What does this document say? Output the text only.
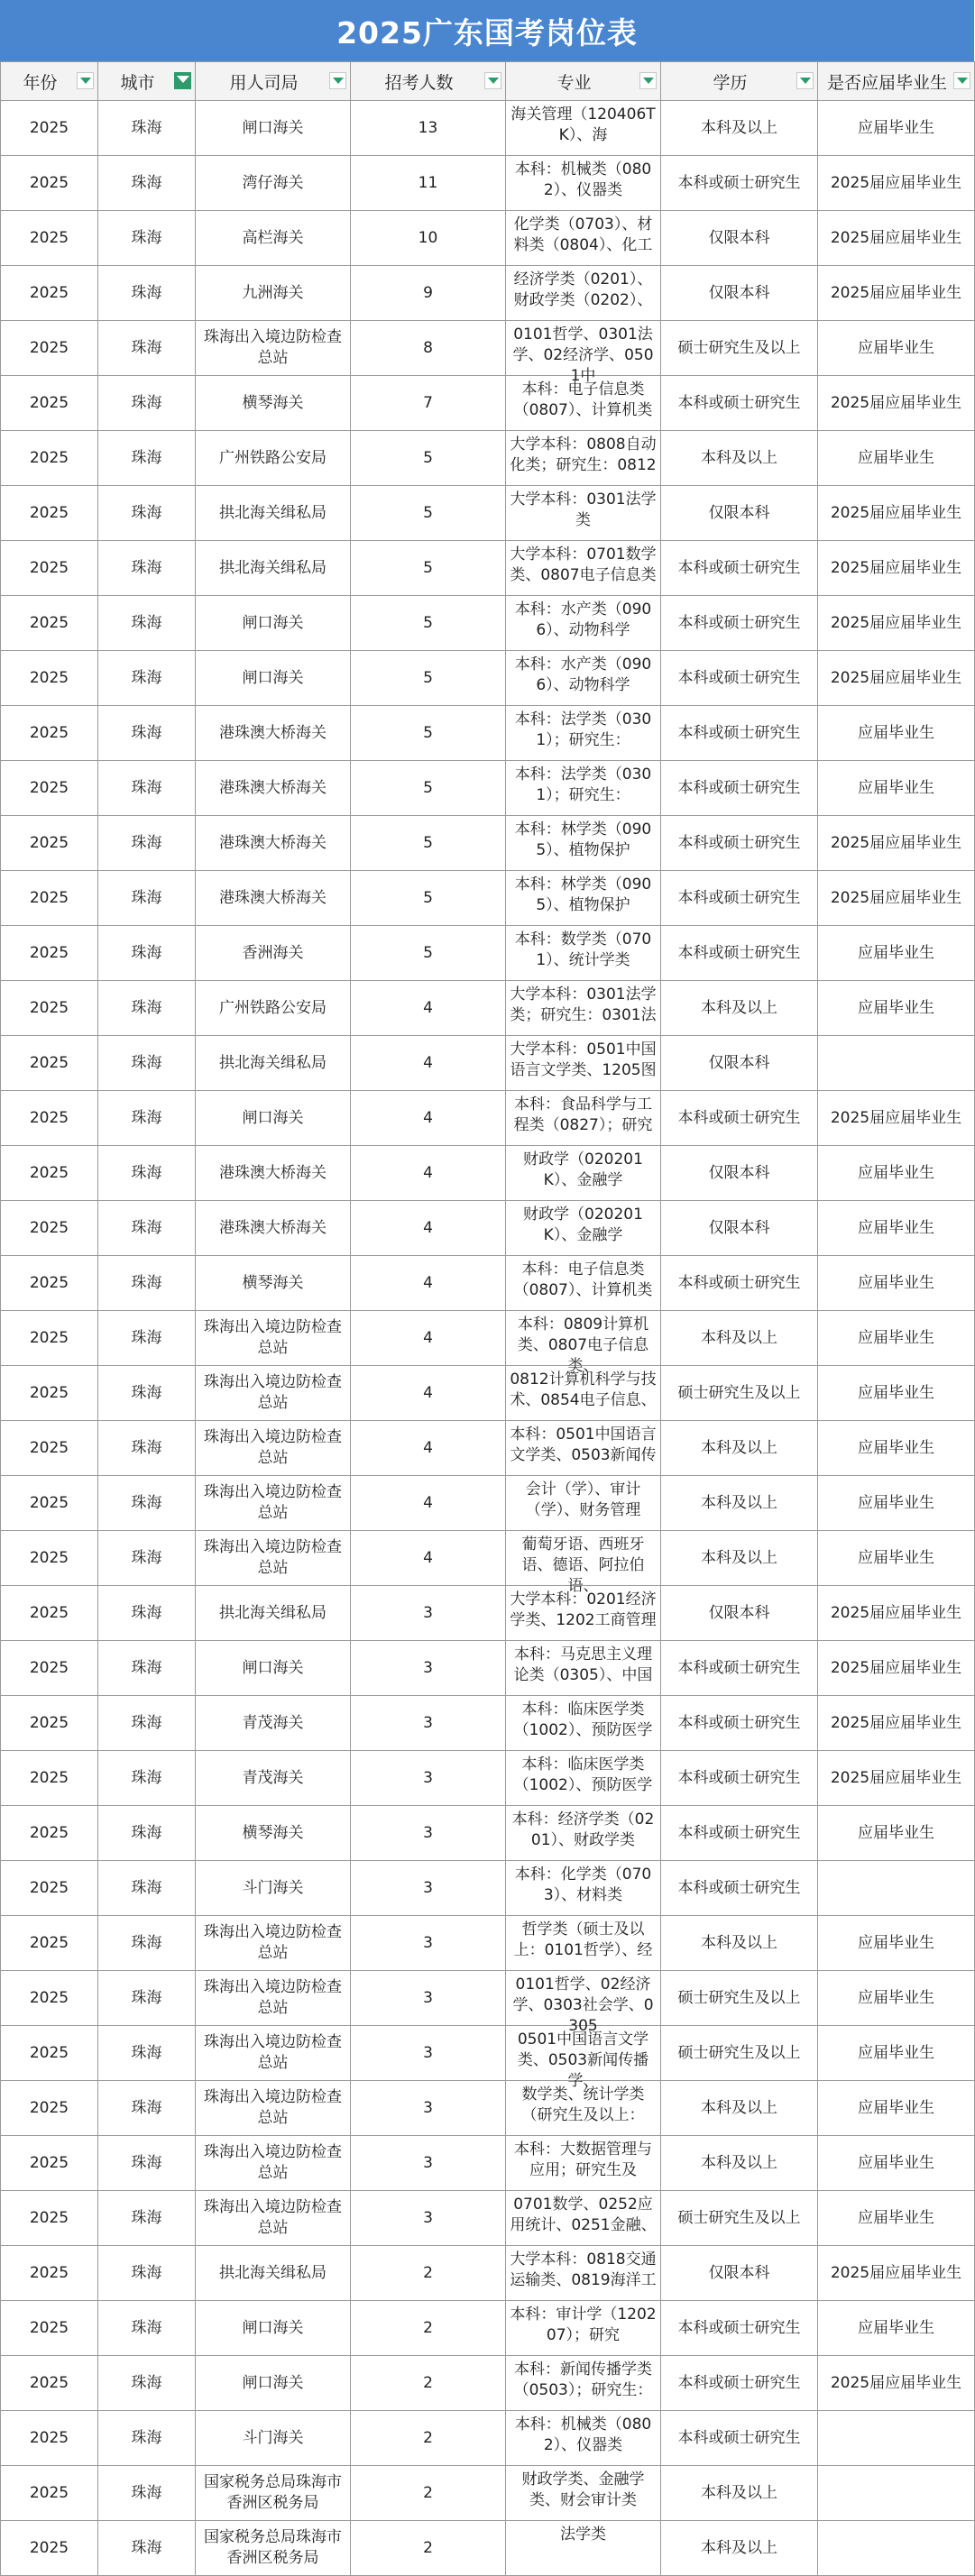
2025广东国考岗位表
年份	城市	用人司局	招考人数	专业	学历	是否应届毕业生

2025	珠海	闸口海关	13	海关管理（120406TK）、海	本科及以上	应届毕业生
2025	珠海	湾仔海关	11	本科：机械类（0802）、仪器类	本科或硕士研究生	2025届应届毕业生
2025	珠海	高栏海关	10	化学类（0703）、材料类（0804）、化工	仅限本科	2025届应届毕业生
2025	珠海	九洲海关	9	经济学类（0201）、财政学类（0202）、	仅限本科	2025届应届毕业生
2025	珠海	珠海出入境边防检查总站	8	0101哲学、0301法学、02经济学、0501中	硕士研究生及以上	应届毕业生
2025	珠海	横琴海关	7	本科：电子信息类（0807）、计算机类	本科或硕士研究生	2025届应届毕业生
2025	珠海	广州铁路公安局	5	大学本科：0808自动化类；研究生：0812	本科及以上	应届毕业生
2025	珠海	拱北海关缉私局	5	大学本科：0301法学类	仅限本科	2025届应届毕业生
2025	珠海	拱北海关缉私局	5	大学本科：0701数学类、0807电子信息类	本科或硕士研究生	2025届应届毕业生
2025	珠海	闸口海关	5	本科：水产类（0906）、动物科学	本科或硕士研究生	2025届应届毕业生
2025	珠海	闸口海关	5	本科：水产类（0906）、动物科学	本科或硕士研究生	2025届应届毕业生
2025	珠海	港珠澳大桥海关	5	本科：法学类（0301）；研究生：	本科或硕士研究生	应届毕业生
2025	珠海	港珠澳大桥海关	5	本科：法学类（0301）；研究生：	本科或硕士研究生	应届毕业生
2025	珠海	港珠澳大桥海关	5	本科：林学类（0905）、植物保护	本科或硕士研究生	2025届应届毕业生
2025	珠海	港珠澳大桥海关	5	本科：林学类（0905）、植物保护	本科或硕士研究生	2025届应届毕业生
2025	珠海	香洲海关	5	本科：数学类（0701）、统计学类	本科或硕士研究生	应届毕业生
2025	珠海	广州铁路公安局	4	大学本科：0301法学类；研究生：0301法	本科及以上	应届毕业生
2025	珠海	拱北海关缉私局	4	大学本科：0501中国语言文学类、1205图	仅限本科	
2025	珠海	闸口海关	4	本科：食品科学与工程类（0827）；研究	本科或硕士研究生	2025届应届毕业生
2025	珠海	港珠澳大桥海关	4	财政学（020201K）、金融学	仅限本科	应届毕业生
2025	珠海	港珠澳大桥海关	4	财政学（020201K）、金融学	仅限本科	应届毕业生
2025	珠海	横琴海关	4	本科：电子信息类（0807）、计算机类	本科或硕士研究生	应届毕业生
2025	珠海	珠海出入境边防检查总站	4	本科：0809计算机类、0807电子信息类、	本科及以上	应届毕业生
2025	珠海	珠海出入境边防检查总站	4	0812计算机科学与技术、0854电子信息、	硕士研究生及以上	应届毕业生
2025	珠海	珠海出入境边防检查总站	4	本科：0501中国语言文学类、0503新闻传	本科及以上	应届毕业生
2025	珠海	珠海出入境边防检查总站	4	会计（学）、审计（学）、财务管理	本科及以上	应届毕业生
2025	珠海	珠海出入境边防检查总站	4	葡萄牙语、西班牙语、德语、阿拉伯语、	本科及以上	应届毕业生
2025	珠海	拱北海关缉私局	3	大学本科：0201经济学类、1202工商管理	仅限本科	2025届应届毕业生
2025	珠海	闸口海关	3	本科：马克思主义理论类（0305）、中国	本科或硕士研究生	2025届应届毕业生
2025	珠海	青茂海关	3	本科：临床医学类（1002）、预防医学	本科或硕士研究生	2025届应届毕业生
2025	珠海	青茂海关	3	本科：临床医学类（1002）、预防医学	本科或硕士研究生	2025届应届毕业生
2025	珠海	横琴海关	3	本科：经济学类（0201）、财政学类	本科或硕士研究生	应届毕业生
2025	珠海	斗门海关	3	本科：化学类（0703）、材料类	本科或硕士研究生	
2025	珠海	珠海出入境边防检查总站	3	哲学类（硕士及以上：0101哲学）、经	本科及以上	应届毕业生
2025	珠海	珠海出入境边防检查总站	3	0101哲学、02经济学、0303社会学、0305	硕士研究生及以上	应届毕业生
2025	珠海	珠海出入境边防检查总站	3	0501中国语言文学类、0503新闻传播学、	硕士研究生及以上	应届毕业生
2025	珠海	珠海出入境边防检查总站	3	数学类、统计学类（研究生及以上：	本科及以上	应届毕业生
2025	珠海	珠海出入境边防检查总站	3	本科：大数据管理与应用；研究生及	本科及以上	应届毕业生
2025	珠海	珠海出入境边防检查总站	3	0701数学、0252应用统计、0251金融、	硕士研究生及以上	应届毕业生
2025	珠海	拱北海关缉私局	2	大学本科：0818交通运输类、0819海洋工	仅限本科	2025届应届毕业生
2025	珠海	闸口海关	2	本科：审计学（120207）；研究	本科或硕士研究生	应届毕业生
2025	珠海	闸口海关	2	本科：新闻传播学类（0503）；研究生：	本科或硕士研究生	2025届应届毕业生
2025	珠海	斗门海关	2	本科：机械类（0802）、仪器类	本科或硕士研究生	
2025	珠海	国家税务总局珠海市香洲区税务局	2	财政学类、金融学类、财会审计类	本科及以上	
2025	珠海	国家税务总局珠海市香洲区税务局	2	法学类	本科及以上	
